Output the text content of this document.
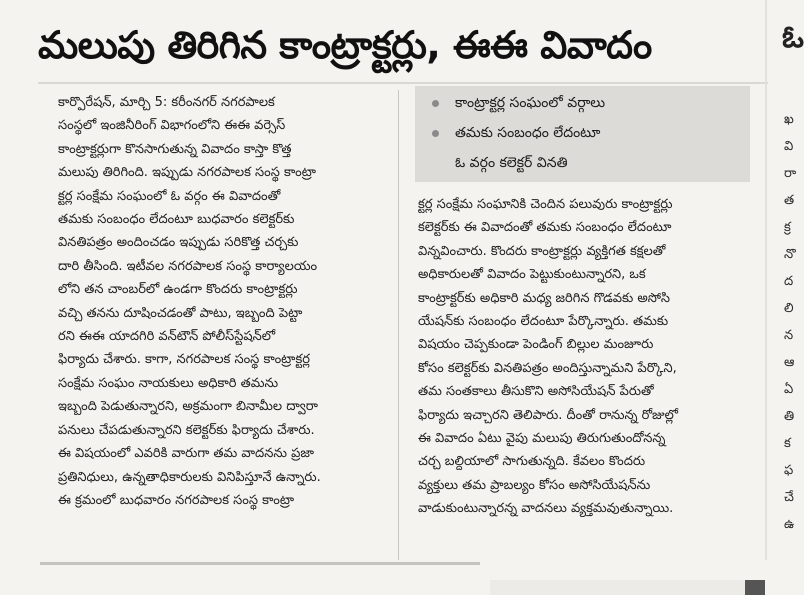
మలుపు తిరిగిన కాంట్రాక్టర్లు, ఈఈ వివాదం
కార్పొరేషన్, మార్చి 5: కరీంనగర్ నగరపాలక
సంస్థలో ఇంజినీరింగ్ విభాగంలోని ఈఈ వర్సెస్
కాంట్రాక్టర్లుగా కొనసాగుతున్న వివాదం కాస్తా కొత్త
మలుపు తిరిగింది. ఇప్పుడు నగరపాలక సంస్థ కాంట్రా
క్టర్ల సంక్షేమ సంఘంలో ఓ వర్గం ఈ వివాదంతో
తమకు సంబంధం లేదంటూ బుధవారం కలెక్టర్‌కు
వినతిపత్రం అందించడం ఇప్పుడు సరికొత్త చర్చకు
దారి తీసింది. ఇటీవల నగరపాలక సంస్థ కార్యాలయం
లోని తన చాంబర్‌లో ఉండగా కొందరు కాంట్రాక్టర్లు
వచ్చి తనను దూషించడంతో పాటు, ఇబ్బంది పెట్టా
రని ఈఈ యాదగిరి వన్‌టౌన్ పోలీస్‌స్టేషన్‌లో
ఫిర్యాదు చేశారు. కాగా, నగరపాలక సంస్థ కాంట్రాక్టర్ల
సంక్షేమ సంఘం నాయకులు అధికారి తమను
ఇబ్బంది పెడుతున్నారని, అక్రమంగా బినామీల ద్వారా
పనులు చేపడుతున్నారని కలెక్టర్‌కు ఫిర్యాదు చేశారు.
ఈ విషయంలో ఎవరికి వారుగా తమ వాదనను ప్రజా
ప్రతినిధులు, ఉన్నతాధికారులకు వినిపిస్తూనే ఉన్నారు.
ఈ క్రమంలో బుధవారం నగరపాలక సంస్థ కాంట్రా
కాంట్రాక్టర్ల సంఘంలో వర్గాలు
తమకు సంబంధం లేదంటూ
ఓ వర్గం కలెక్టర్ వినతి
క్టర్ల సంక్షేమ సంఘానికి చెందిన పలువురు కాంట్రాక్టర్లు
కలెక్టర్‌కు ఈ వివాదంతో తమకు సంబంధం లేదంటూ
విన్నవించారు. కొందరు కాంట్రాక్టర్లు వ్యక్తిగత కక్షలతో
అధికారులతో వివాదం పెట్టుకుంటున్నారని, ఒక
కాంట్రాక్టర్‌కు అధికారి మధ్య జరిగిన గొడవకు అసోసి
యేషన్‌కు సంబంధం లేదంటూ పేర్కొన్నారు. తమకు
విషయం చెప్పకుండా పెండింగ్ బిల్లుల మంజూరు
కోసం కలెక్టర్‌కు వినతిపత్రం అందిస్తున్నామని పేర్కొని,
తమ సంతకాలు తీసుకొని అసోసియేషన్ పేరుతో
ఫిర్యాదు ఇచ్చారని తెలిపారు. దీంతో రానున్న రోజుల్లో
ఈ వివాదం ఏటు వైపు మలుపు తిరుగుతుందోనన్న
చర్చ బల్దియాలో సాగుతున్నది. కేవలం కొందరు
వ్యక్తులు తమ ప్రాబల్యం కోసం అసోసియేషన్‌ను
వాడుకుంటున్నారన్న వాదనలు వ్యక్తమవుతున్నాయి.
ఓ
ఖ
వి
రా
త
క్ర
నొ
ద
లి
న
ఆ
ఏ
తి
క
ఫ
చే
ఉ
